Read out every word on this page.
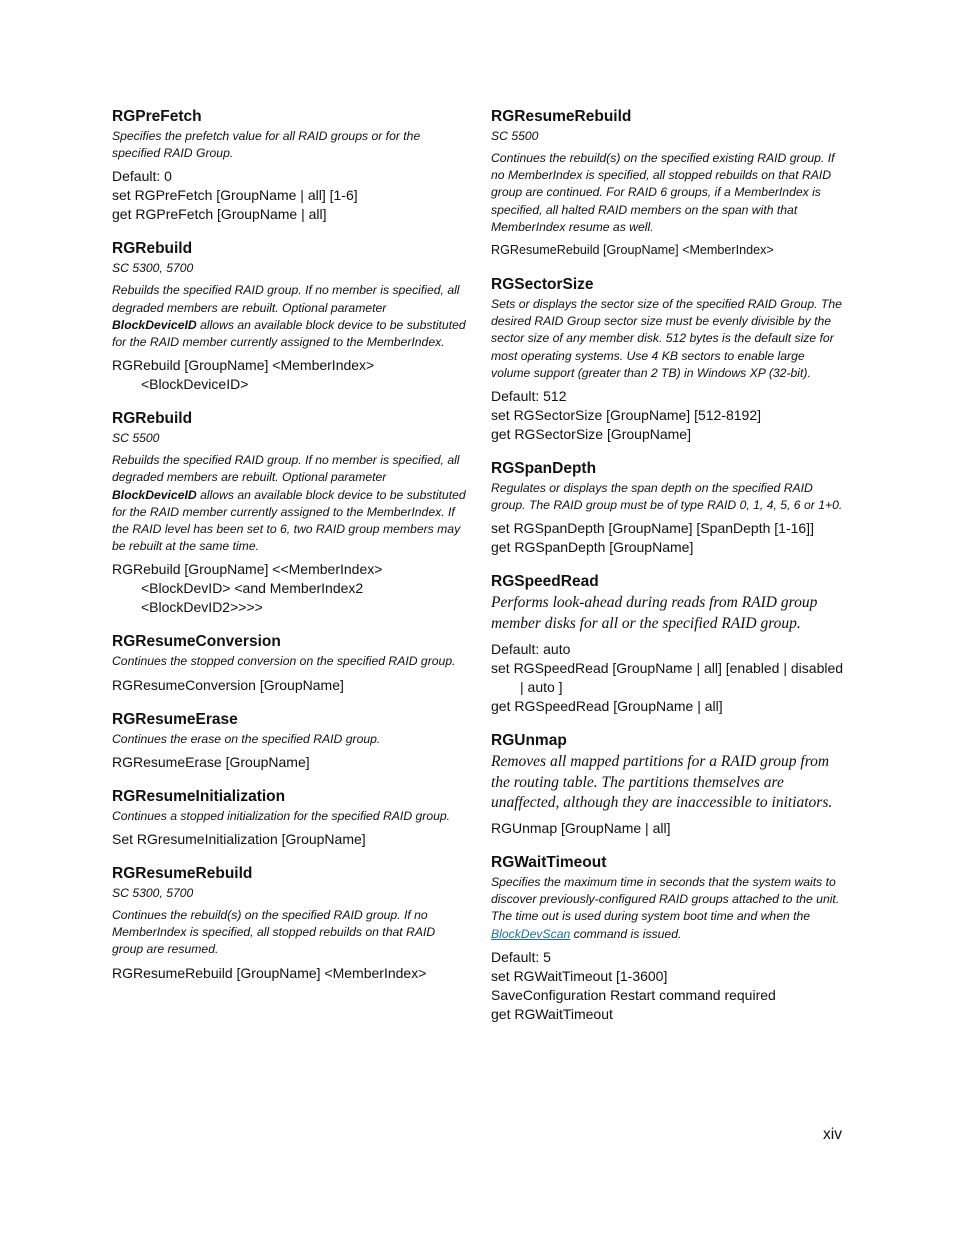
RGPreFetch
Specifies the prefetch value for all RAID groups or for the specified RAID Group.
Default: 0
set RGPreFetch [GroupName | all] [1-6]
get RGPreFetch [GroupName | all]
RGRebuild
SC 5300, 5700
Rebuilds the specified RAID group. If no member is specified, all degraded members are rebuilt. Optional parameter BlockDeviceID allows an available block device to be substituted for the RAID member currently assigned to the MemberIndex.
RGRebuild [GroupName] <MemberIndex> <BlockDeviceID>
RGRebuild
SC 5500
Rebuilds the specified RAID group. If no member is specified, all degraded members are rebuilt. Optional parameter BlockDeviceID allows an available block device to be substituted for the RAID member currently assigned to the MemberIndex. If the RAID level has been set to 6, two RAID group members may be rebuilt at the same time.
RGRebuild [GroupName] <<MemberIndex> <BlockDevID> <and MemberIndex2 <BlockDevID2>>>>
RGResumeConversion
Continues the stopped conversion on the specified RAID group.
RGResumeConversion [GroupName]
RGResumeErase
Continues the erase on the specified RAID group.
RGResumeErase [GroupName]
RGResumeInitialization
Continues a stopped initialization for the specified RAID group.
Set RGresumeInitialization [GroupName]
RGResumeRebuild
SC 5300, 5700
Continues the rebuild(s) on the specified RAID group. If no MemberIndex is specified, all stopped rebuilds on that RAID group are resumed.
RGResumeRebuild [GroupName] <MemberIndex>
RGResumeRebuild
SC 5500
Continues the rebuild(s) on the specified existing RAID group. If no MemberIndex is specified, all stopped rebuilds on that RAID group are continued. For RAID 6 groups, if a MemberIndex is specified, all halted RAID members on the span with that MemberIndex resume as well.
RGResumeRebuild [GroupName] <MemberIndex>
RGSectorSize
Sets or displays the sector size of the specified RAID Group. The desired RAID Group sector size must be evenly divisible by the sector size of any member disk. 512 bytes is the default size for most operating systems. Use 4 KB sectors to enable large volume support (greater than 2 TB) in Windows XP (32-bit).
Default: 512
set RGSectorSize [GroupName] [512-8192]
get RGSectorSize [GroupName]
RGSpanDepth
Regulates or displays the span depth on the specified RAID group. The RAID group must be of type RAID 0, 1, 4, 5, 6 or 1+0.
set RGSpanDepth [GroupName] [SpanDepth [1-16]]
get RGSpanDepth [GroupName]
RGSpeedRead
Performs look-ahead during reads from RAID group member disks for all or the specified RAID group.
Default: auto
set RGSpeedRead [GroupName | all] [enabled | disabled | auto ]
get RGSpeedRead [GroupName | all]
RGUnmap
Removes all mapped partitions for a RAID group from the routing table. The partitions themselves are unaffected, although they are inaccessible to initiators.
RGUnmap [GroupName | all]
RGWaitTimeout
Specifies the maximum time in seconds that the system waits to discover previously-configured RAID groups attached to the unit. The time out is used during system boot time and when the BlockDevScan command is issued.
Default: 5
set RGWaitTimeout [1-3600]
SaveConfiguration Restart command required
get RGWaitTimeout
xiv
